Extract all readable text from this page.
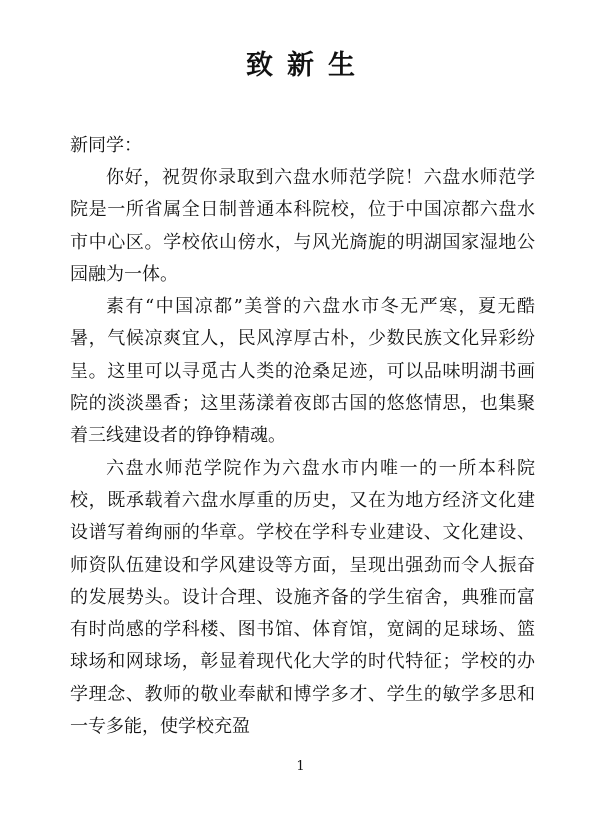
致新生
新同学：

你好，祝贺你录取到六盘水师范学院！六盘水师范学院是一所省属全日制普通本科院校，位于中国凉都六盘水市中心区。学校依山傍水，与风光旖旎的明湖国家湿地公园融为一体。

素有“中国凉都”美誉的六盘水市冬无严寒，夏无酷暑，气候凉爽宜人，民风淳厚古朴，少数民族文化异彩纷呈。这里可以寻觅古人类的沧桑足迹，可以品味明湖书画院的淡淡墨香；这里荡漾着夜郎古国的悠悠情思，也集聚着三线建设者的铮铮精魂。

六盘水师范学院作为六盘水市内唯一的一所本科院校，既承载着六盘水厚重的历史，又在为地方经济文化建设谱写着绚丽的华章。学校在学科专业建设、文化建设、师资队伍建设和学风建设等方面，呈现出强劲而令人振奋的发展势头。设计合理、设施齐备的学生宿舍，典雅而富有时尚感的学科楼、图书馆、体育馆，宽阔的足球场、篮球场和网球场，彰显着现代化大学的时代特征；学校的办学理念、教师的敬业奉献和博学多才、学生的敏学多思和一专多能，使学校充盈

1
